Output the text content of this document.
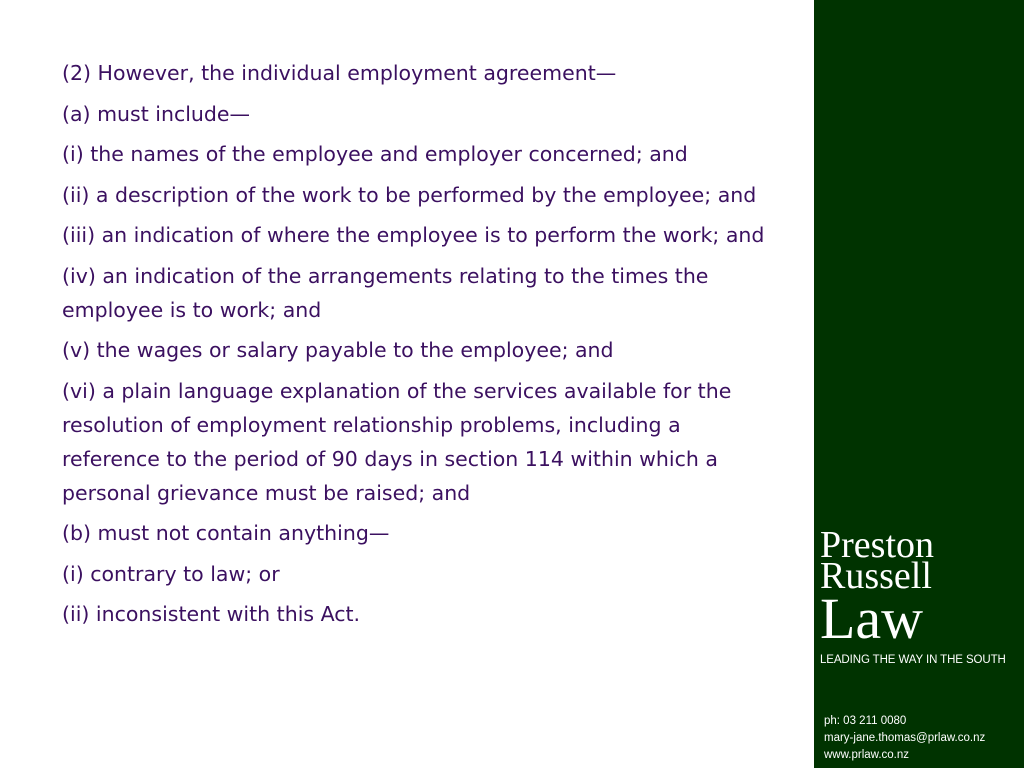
(2) However, the individual employment agreement—

(a) must include—

(i) the names of the employee and employer concerned; and

(ii) a description of the work to be performed by the employee; and

(iii) an indication of where the employee is to perform the work; and

(iv) an indication of the arrangements relating to the times the employee is to work; and

(v) the wages or salary payable to the employee; and

(vi) a plain language explanation of the services available for the resolution of employment relationship problems, including a reference to the period of 90 days in section 114 within which a personal grievance must be raised; and

(b) must not contain anything—

(i) contrary to law; or

(ii) inconsistent with this Act.

Preston
Russell
Law
LEADING THE WAY IN THE SOUTH
ph: 03 211 0080
mary-jane.thomas@prlaw.co.nz
www.prlaw.co.nz
